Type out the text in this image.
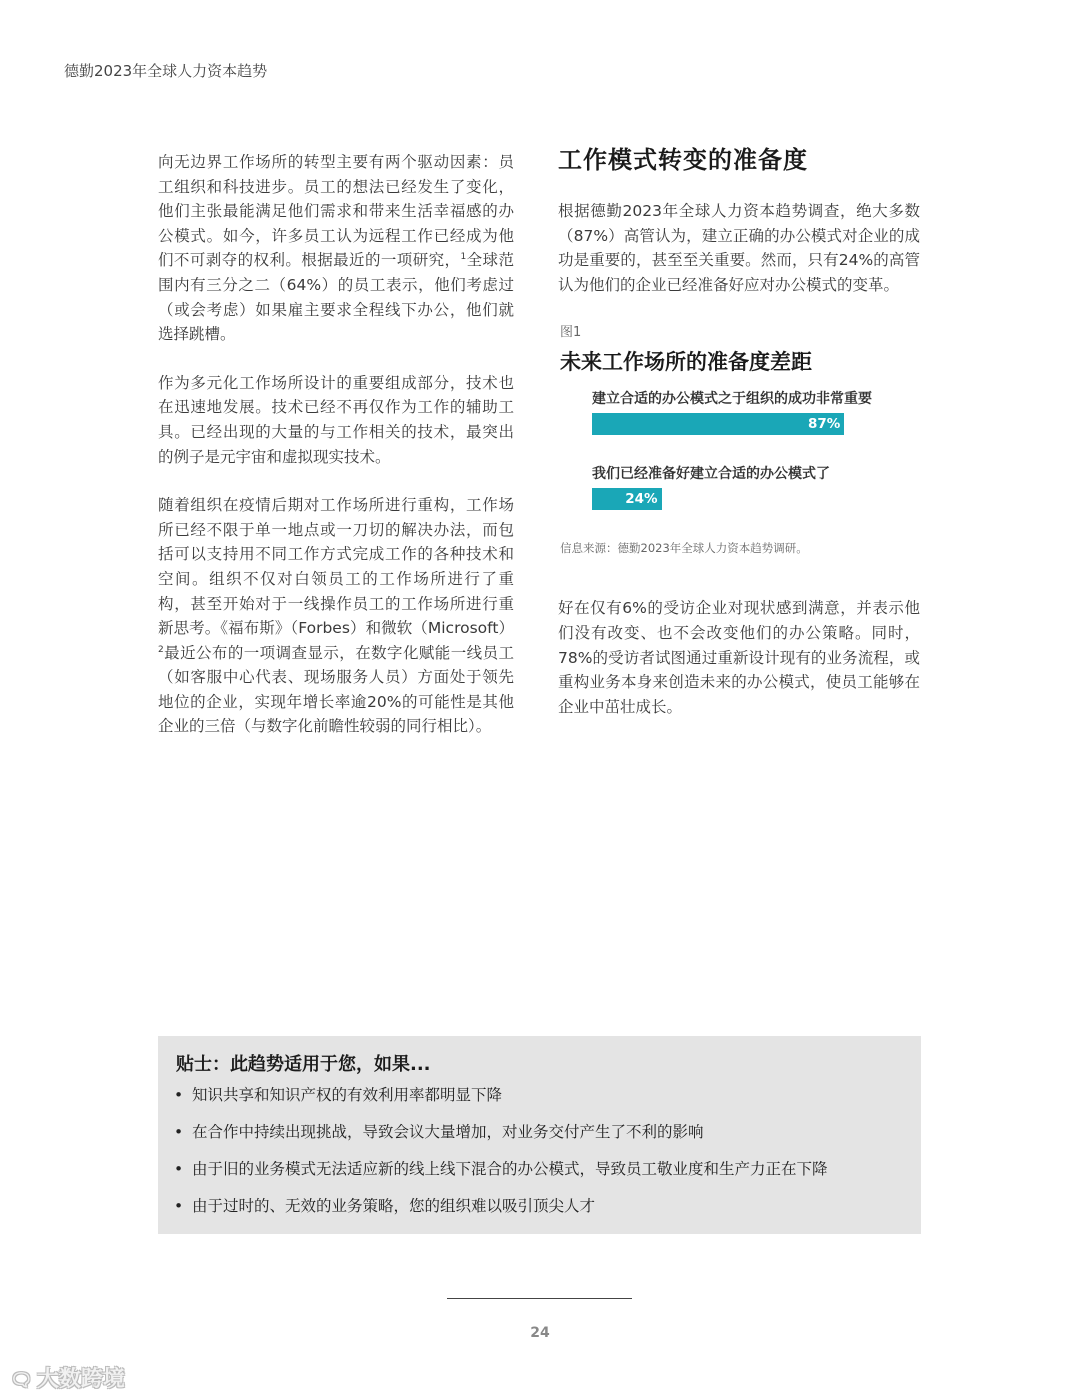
德勤2023年全球人力资本趋势

向无边界工作场所的转型主要有两个驱动因素：员工组织和科技进步。员工的想法已经发生了变化，他们主张最能满足他们需求和带来生活幸福感的办公模式。如今，许多员工认为远程工作已经成为他们不可剥夺的权利。根据最近的一项研究，$^1$全球范围内有三分之二（64%）的员工表示，他们考虑过（或会考虑）如果雇主要求全程线下办公，他们就选择跳槽。

作为多元化工作场所设计的重要组成部分，技术也在迅速地发展。技术已经不再仅作为工作的辅助工具。已经出现的大量的与工作相关的技术，最突出的例子是元宇宙和虚拟现实技术。

随着组织在疫情后期对工作场所进行重构，工作场所已经不限于单一地点或一刀切的解决办法，而包括可以支持用不同工作方式完成工作的各种技术和空间。组织不仅对白领员工的工作场所进行了重构，甚至开始对于一线操作员工的工作场所进行重新思考。《福布斯》（Forbes）和微软（Microsoft）$^2$最近公布的一项调查显示，在数字化赋能一线员工（如客服中心代表、现场服务人员）方面处于领先地位的企业，实现年增长率逾20%的可能性是其他企业的三倍（与数字化前瞻性较弱的同行相比）。

工作模式转变的准备度

根据德勤2023年全球人力资本趋势调查，绝大多数（87%）高管认为，建立正确的办公模式对企业的成功是重要的，甚至至关重要。然而，只有24%的高管认为他们的企业已经准备好应对办公模式的变革。

图1
未来工作场所的准备度差距
建立合适的办公模式之于组织的成功非常重要
87%
我们已经准备好建立合适的办公模式了
24%
信息来源：德勤2023年全球人力资本趋势调研。

好在仅有6%的受访企业对现状感到满意，并表示他们没有改变、也不会改变他们的办公策略。同时，78%的受访者试图通过重新设计现有的业务流程，或重构业务本身来创造未来的办公模式，使员工能够在企业中茁壮成长。

贴士：此趋势适用于您，如果...
• 知识共享和知识产权的有效利用率都明显下降
• 在合作中持续出现挑战，导致会议大量增加，对业务交付产生了不利的影响
• 由于旧的业务模式无法适应新的线上线下混合的办公模式，导致员工敬业度和生产力正在下降
• 由于过时的、无效的业务策略，您的组织难以吸引顶尖人才
24
🗨 大数跨境
